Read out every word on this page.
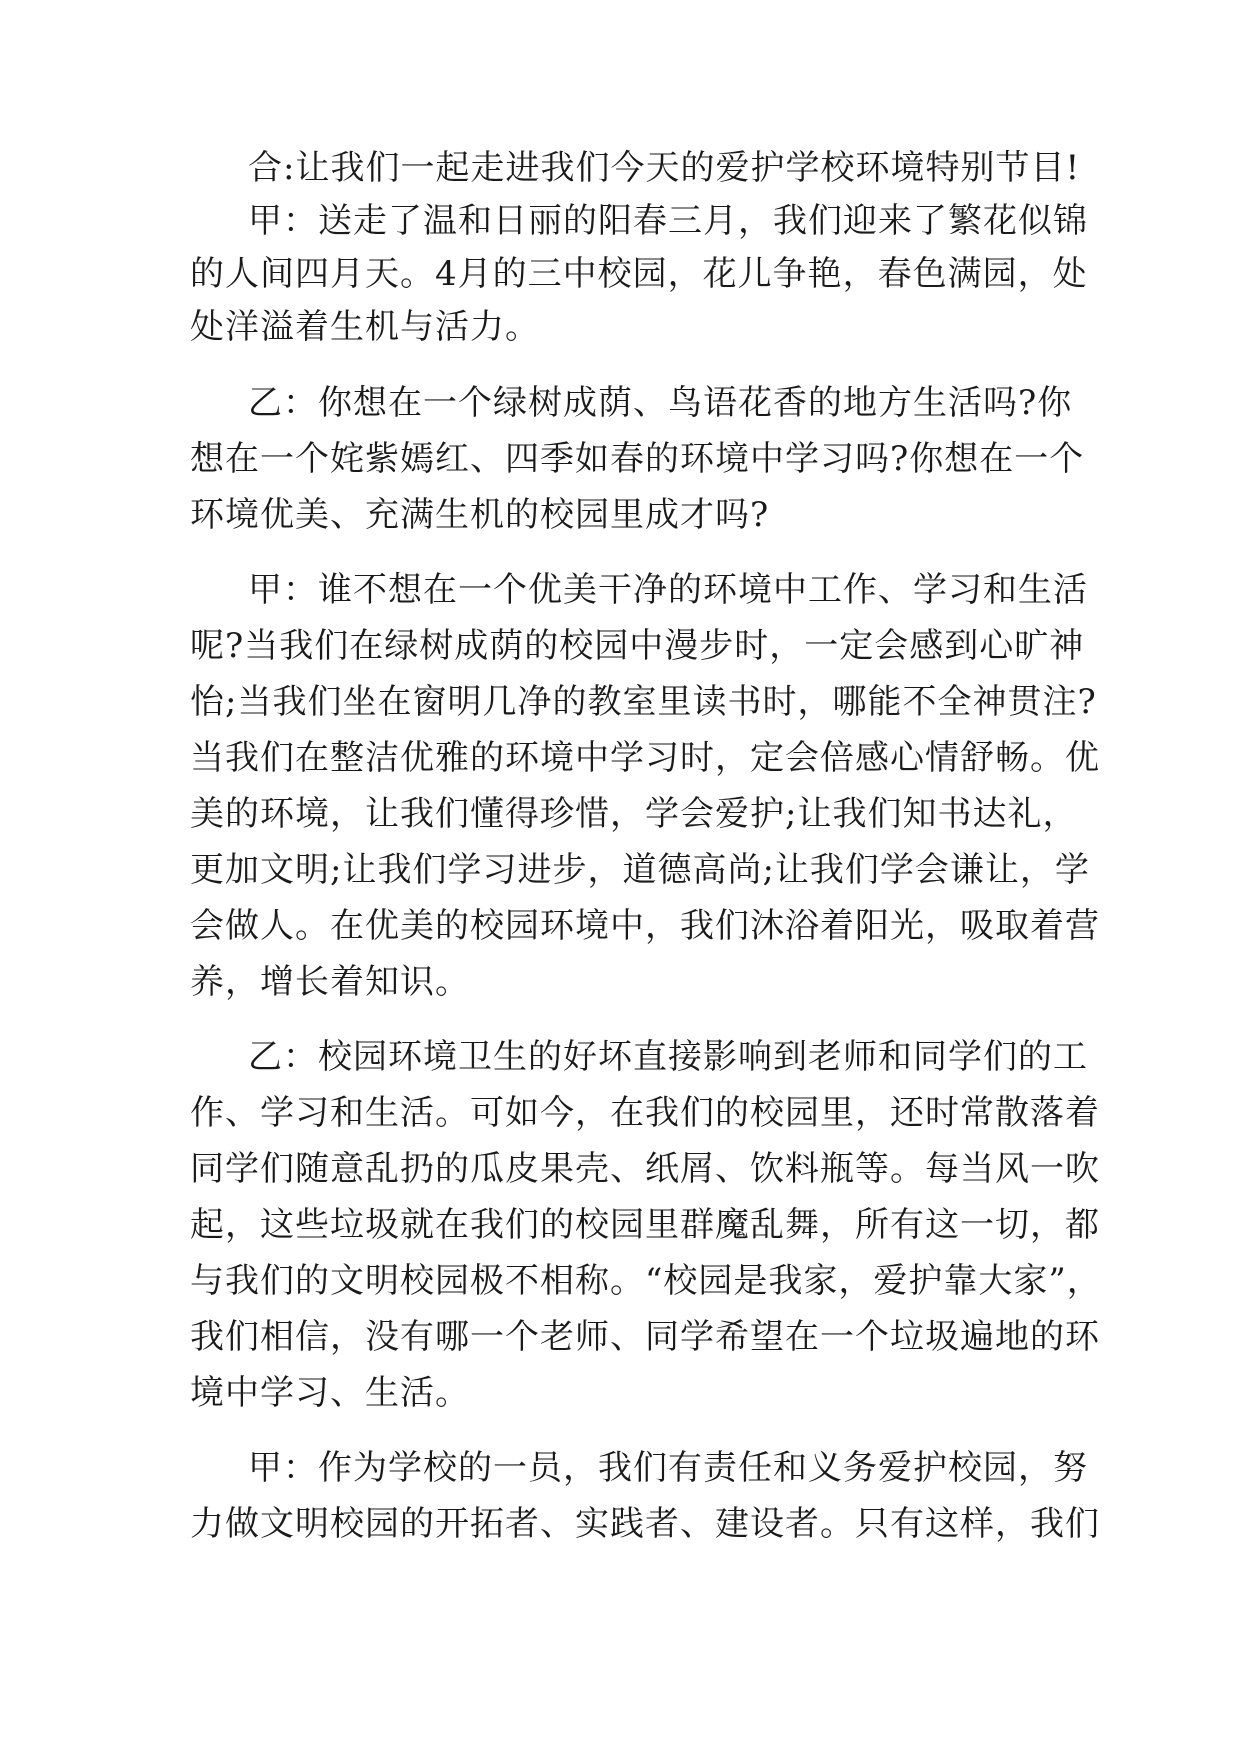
合:让我们一起走进我们今天的爱护学校环境特别节目!
甲：送走了温和日丽的阳春三月，我们迎来了繁花似锦
的人间四月天。4月的三中校园，花儿争艳，春色满园，处
处洋溢着生机与活力。
乙：你想在一个绿树成荫、鸟语花香的地方生活吗?你
想在一个姹紫嫣红、四季如春的环境中学习吗?你想在一个
环境优美、充满生机的校园里成才吗?
甲：谁不想在一个优美干净的环境中工作、学习和生活
呢?当我们在绿树成荫的校园中漫步时，一定会感到心旷神
怡;当我们坐在窗明几净的教室里读书时，哪能不全神贯注?
当我们在整洁优雅的环境中学习时，定会倍感心情舒畅。优
美的环境，让我们懂得珍惜，学会爱护;让我们知书达礼，
更加文明;让我们学习进步，道德高尚;让我们学会谦让，学
会做人。在优美的校园环境中，我们沐浴着阳光，吸取着营
养，增长着知识。
乙：校园环境卫生的好坏直接影响到老师和同学们的工
作、学习和生活。可如今，在我们的校园里，还时常散落着
同学们随意乱扔的瓜皮果壳、纸屑、饮料瓶等。每当风一吹
起，这些垃圾就在我们的校园里群魔乱舞，所有这一切，都
与我们的文明校园极不相称。“校园是我家，爱护靠大家”，
我们相信，没有哪一个老师、同学希望在一个垃圾遍地的环
境中学习、生活。
甲：作为学校的一员，我们有责任和义务爱护校园，努
力做文明校园的开拓者、实践者、建设者。只有这样，我们
